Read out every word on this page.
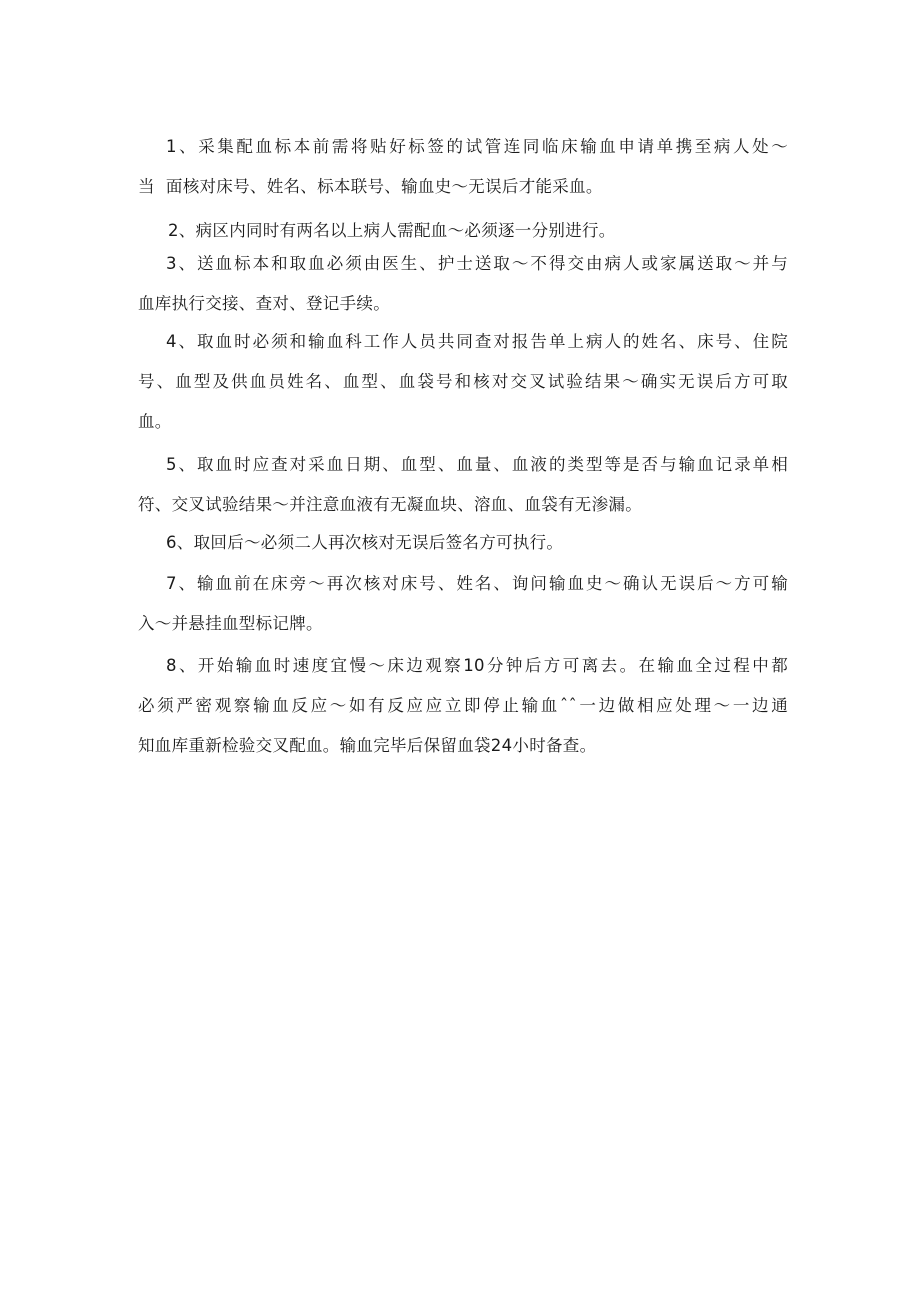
1、采集配血标本前需将贴好标签的试管连同临床输血申请单携至病人处～
当  面核对床号、姓名、标本联号、输血史～无误后才能采血。
2、病区内同时有两名以上病人需配血～必须逐一分别进行。
3、送血标本和取血必须由医生、护士送取～不得交由病人或家属送取～并与
血库执行交接、查对、登记手续。
4、取血时必须和输血科工作人员共同查对报告单上病人的姓名、床号、住院
号、血型及供血员姓名、血型、血袋号和核对交叉试验结果～确实无误后方可取
血。
5、取血时应查对采血日期、血型、血量、血液的类型等是否与输血记录单相
符、交叉试验结果～并注意血液有无凝血块、溶血、血袋有无渗漏。
6、取回后～必须二人再次核对无误后签名方可执行。
7、输血前在床旁～再次核对床号、姓名、询问输血史～确认无误后～方可输
入～并悬挂血型标记牌。
8、开始输血时速度宜慢～床边观察10分钟后方可离去。在输血全过程中都
必须严密观察输血反应～如有反应应立即停止输血ˆˆ一边做相应处理～一边通
知血库重新检验交叉配血。输血完毕后保留血袋24小时备查。
